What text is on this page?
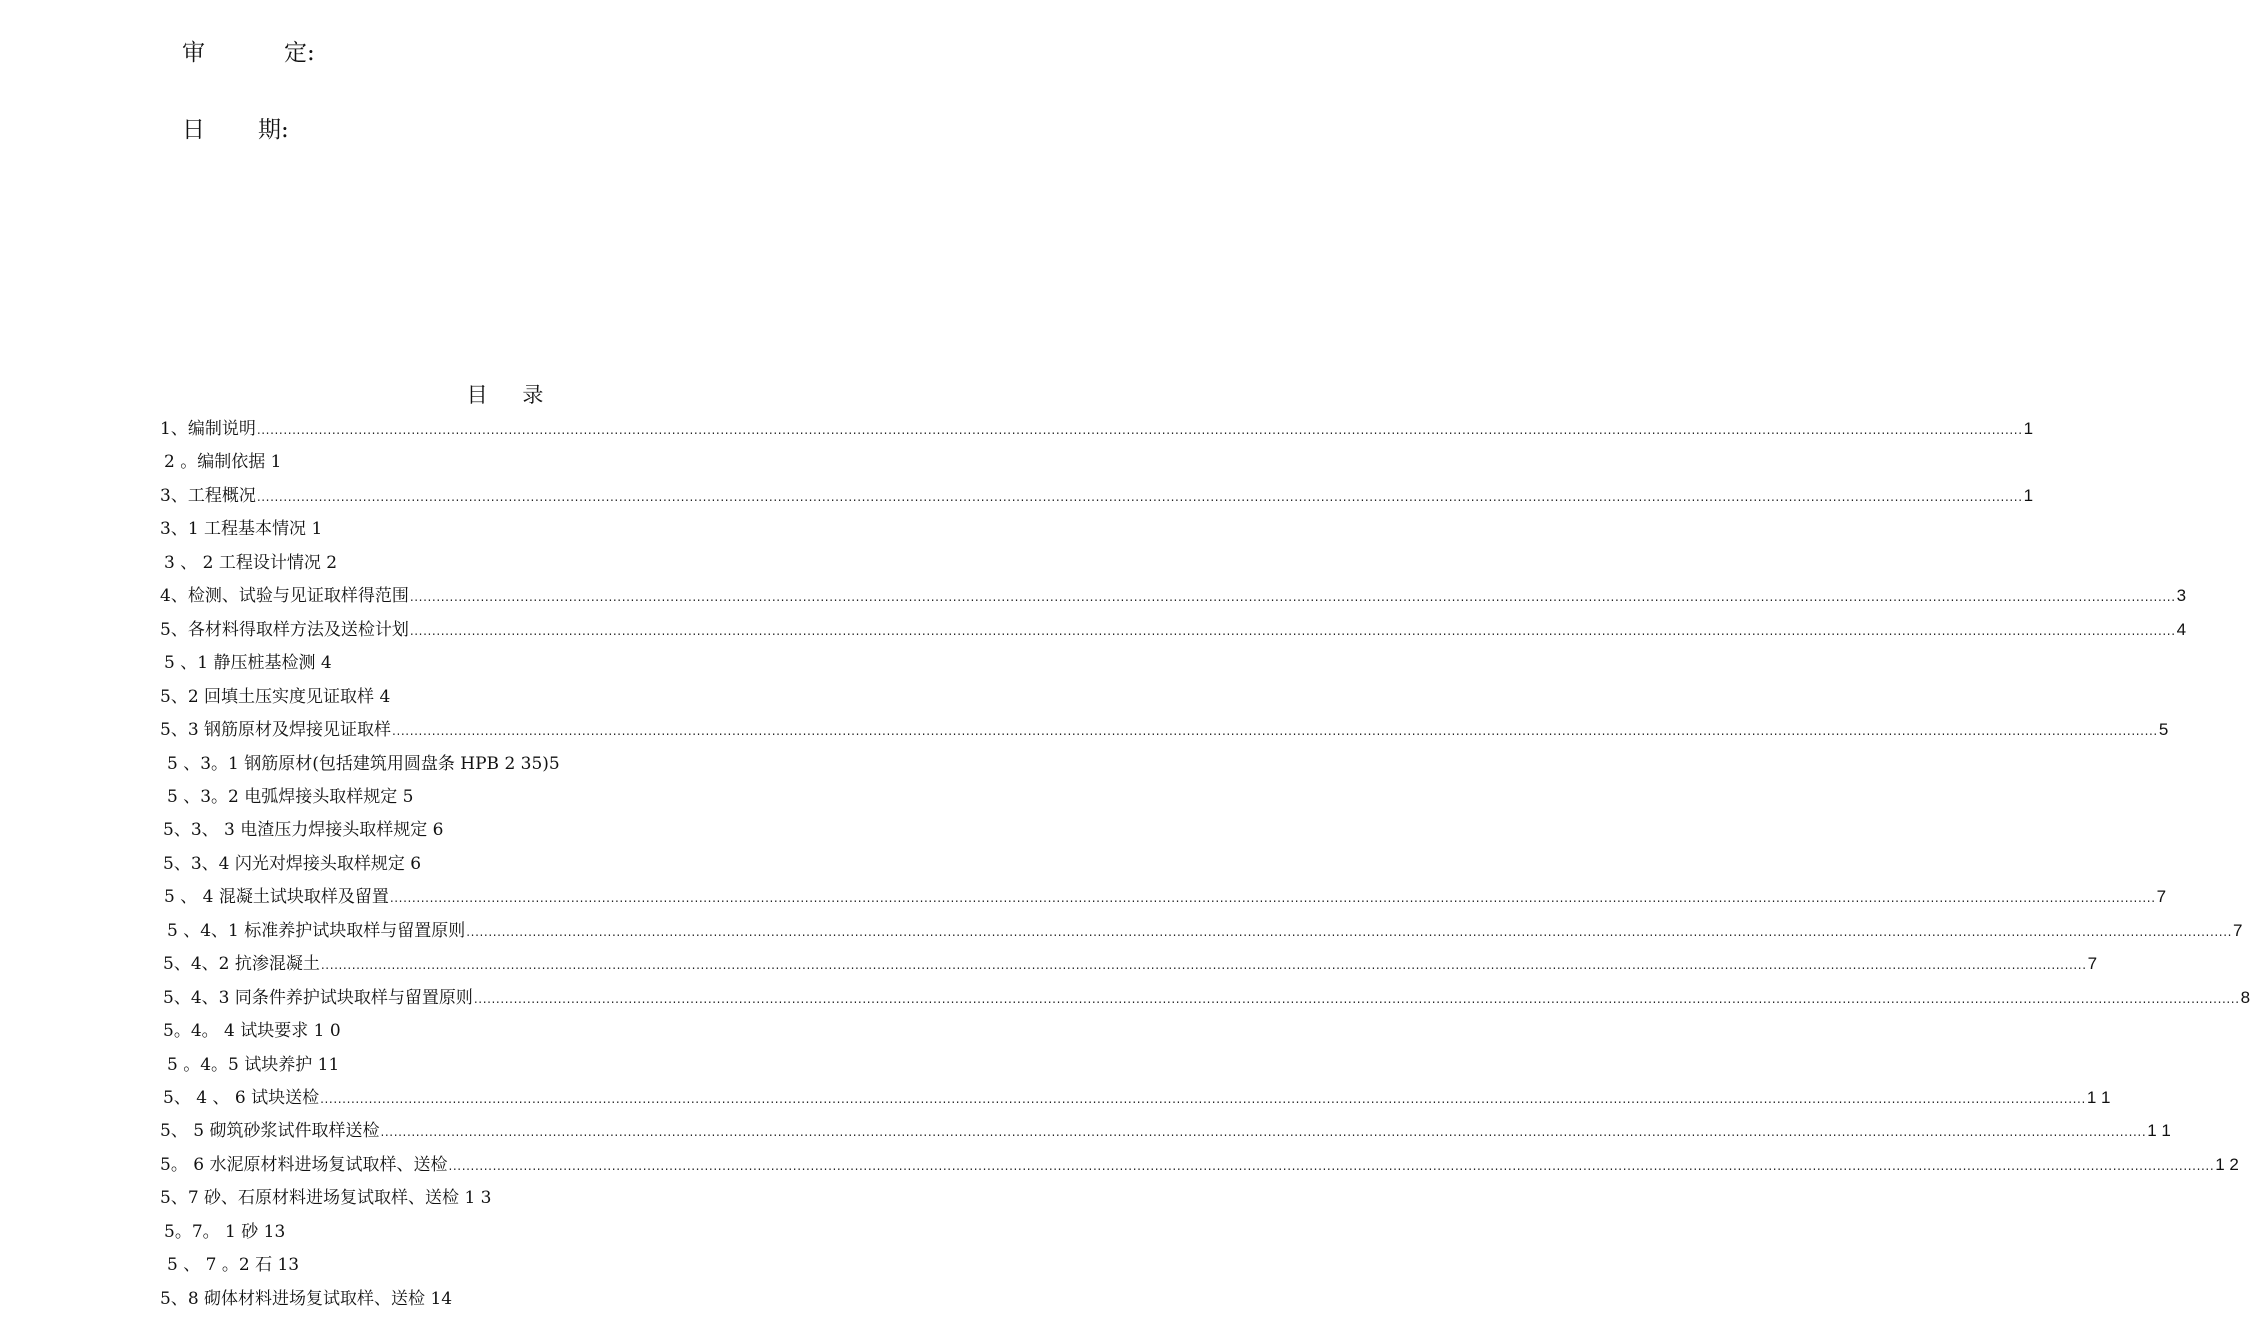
审	定:
日 期:
目 录
1、编制说明 ................................................................................................................................................................................................................................................................................................................................................................................................................ 1
2 。编制依据 1
3、工程概况 ................................................................................................................................................................................................................................................................................................................................................................................................................ 1
3、1 工程基本情况 1
3 、 2 工程设计情况 2
4、检测、试验与见证取样得范围 ................................................................................................................................................................................................................................................................................................................................................................................................................ 3
5、各材料得取样方法及送检计划 ................................................................................................................................................................................................................................................................................................................................................................................................................ 4
5 、1 静压桩基检测 4
5、2 回填土压实度见证取样 4
5、3 钢筋原材及焊接见证取样 ................................................................................................................................................................................................................................................................................................................................................................................................................ 5
5 、3。1 钢筋原材(包括建筑用圆盘条 HPB 2 35)5
5 、3。2 电弧焊接头取样规定 5
5、3、 3 电渣压力焊接头取样规定 6
5、3、4 闪光对焊接头取样规定 6
5 、 4 混凝土试块取样及留置 ................................................................................................................................................................................................................................................................................................................................................................................................................ 7
5 、4、1 标准养护试块取样与留置原则 ................................................................................................................................................................................................................................................................................................................................................................................................................ 7
5、4、2 抗渗混凝土 ................................................................................................................................................................................................................................................................................................................................................................................................................ 7
5、4、3 同条件养护试块取样与留置原则 ................................................................................................................................................................................................................................................................................................................................................................................................................ 8
5。4。 4 试块要求 1 0
5 。4。5 试块养护 11
5、 4 、 6 试块送检 ................................................................................................................................................................................................................................................................................................................................................................................................................ 1 1
5、 5 砌筑砂浆试件取样送检 ................................................................................................................................................................................................................................................................................................................................................................................................................ 1 1
5。 6 水泥原材料进场复试取样、送检 ................................................................................................................................................................................................................................................................................................................................................................................................................ 1 2
5、7 砂、石原材料进场复试取样、送检 1 3
5。7。 1 砂 13
5 、 7 。2 石 13
5、8 砌体材料进场复试取样、送检 14
